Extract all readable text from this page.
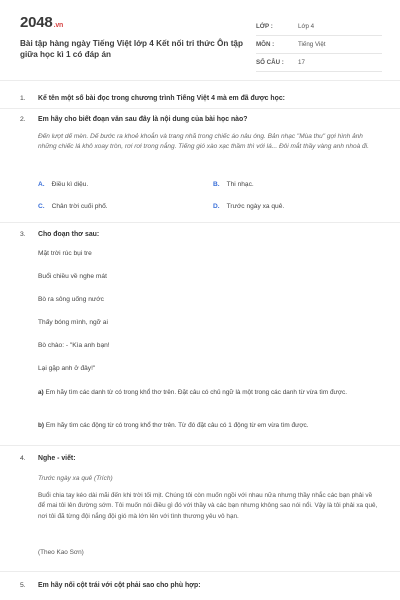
2048.vn
Bài tập hàng ngày Tiếng Việt lớp 4 Kết nối tri thức Ôn tập giữa học kì 1 có đáp án
LỚP :	Lớp 4
MÔN :	Tiếng Việt
SỐ CÂU : 17
1. Kể tên một số bài đọc trong chương trình Tiếng Việt 4 mà em đã được học:
2. Em hãy cho biết đoạn văn sau đây là nội dung của bài học nào?
Đến lượt dế mèn. Dế bước ra khoẻ khoắn và trang nhã trong chiếc áo nâu óng. Bản nhạc "Mùa thu" gợi hình ảnh những chiếc lá khô xoay tròn, rơi rơi trong nắng. Tiếng gió xào xạc thầm thì với lá... Đôi mắt thầy vàng anh nhoà đi.
A. Điều kì diệu.	B. Thi nhạc.
C. Chân trời cuối phố.	D. Trước ngày xa quê.
3. Cho đoạn thơ sau:
Mặt trời rúc bụi tre
Buổi chiều về nghe mát
Bò ra sông uống nước
Thấy bóng mình, ngỡ ai
Bò chào: - "Kìa anh bạn!
Lại gặp anh ở đây!"
a) Em hãy tìm các danh từ có trong khổ thơ trên. Đặt câu có chủ ngữ là một trong các danh từ vừa tìm được.
b) Em hãy tìm các động từ có trong khổ thơ trên. Từ đó đặt câu có 1 động từ em vừa tìm được.
4. Nghe - viết:
Trước ngày xa quê (Trích)
Buổi chia tay kéo dài mãi đến khi trời tối mịt. Chúng tôi còn muốn ngồi với nhau nữa nhưng thầy nhắc các bạn phải về để mai tôi lên đường sớm. Tôi muốn nói điều gì đó với thầy và các bạn nhưng không sao nói nổi. Vậy là tôi phải xa quê, nơi tôi đã từng đội nắng đội gió mà lớn lên với tình thương yêu vô hạn.
(Theo Kao Sơn)
5. Em hãy nối cột trái với cột phải sao cho phù hợp:
